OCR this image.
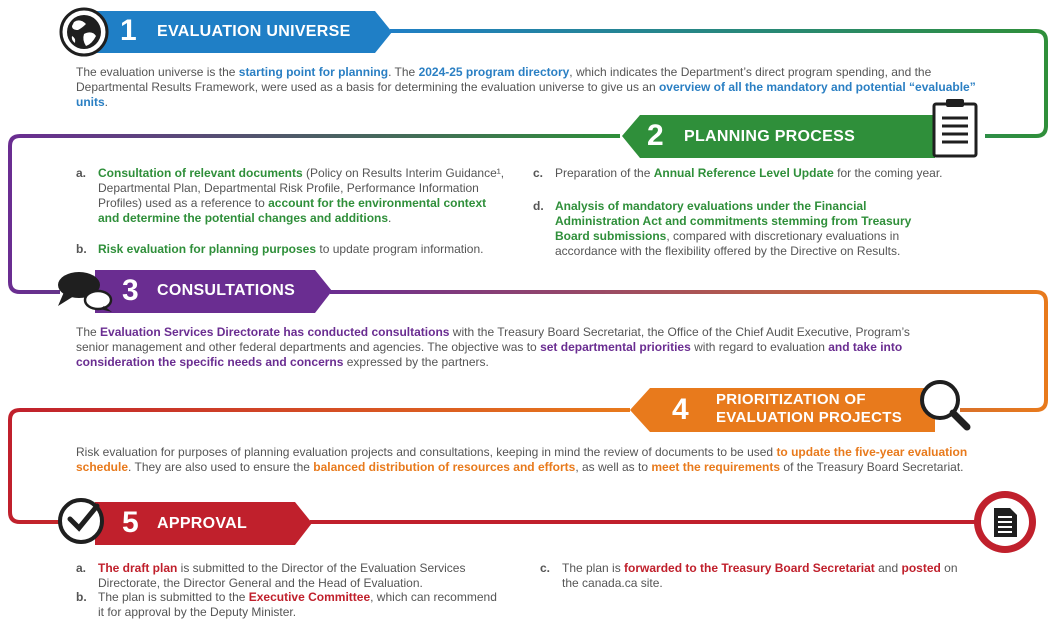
1 EVALUATION UNIVERSE
2 PLANNING PROCESS
3 CONSULTATIONS
4 PRIORITIZATION OF
EVALUATION PROJECTS
5 APPROVAL
The evaluation universe is the starting point for planning. The 2024-25 program directory, which indicates the Department’s direct program spending, and the Departmental Results Framework, were used as a basis for determining the evaluation universe to give us an overview of all the mandatory and potential “evaluable” units.
a. Consultation of relevant documents (Policy on Results Interim Guidance¹, Departmental Plan, Departmental Risk Profile, Performance Information Profiles) used as a reference to account for the environmental context and determine the potential changes and additions.
b. Risk evaluation for planning purposes to update program information.
c. Preparation of the Annual Reference Level Update for the coming year.
d. Analysis of mandatory evaluations under the Financial Administration Act and commitments stemming from Treasury Board submissions, compared with discretionary evaluations in accordance with the flexibility offered by the Directive on Results.
The Evaluation Services Directorate has conducted consultations with the Treasury Board Secretariat, the Office of the Chief Audit Executive, Program’s senior management and other federal departments and agencies. The objective was to set departmental priorities with regard to evaluation and take into consideration the specific needs and concerns expressed by the partners.
Risk evaluation for purposes of planning evaluation projects and consultations, keeping in mind the review of documents to be used to update the five-year evaluation schedule. They are also used to ensure the balanced distribution of resources and efforts, as well as to meet the requirements of the Treasury Board Secretariat.
a. The draft plan is submitted to the Director of the Evaluation Services Directorate, the Director General and the Head of Evaluation.
b. The plan is submitted to the Executive Committee, which can recommend it for approval by the Deputy Minister.
c. The plan is forwarded to the Treasury Board Secretariat and posted on the canada.ca site.
